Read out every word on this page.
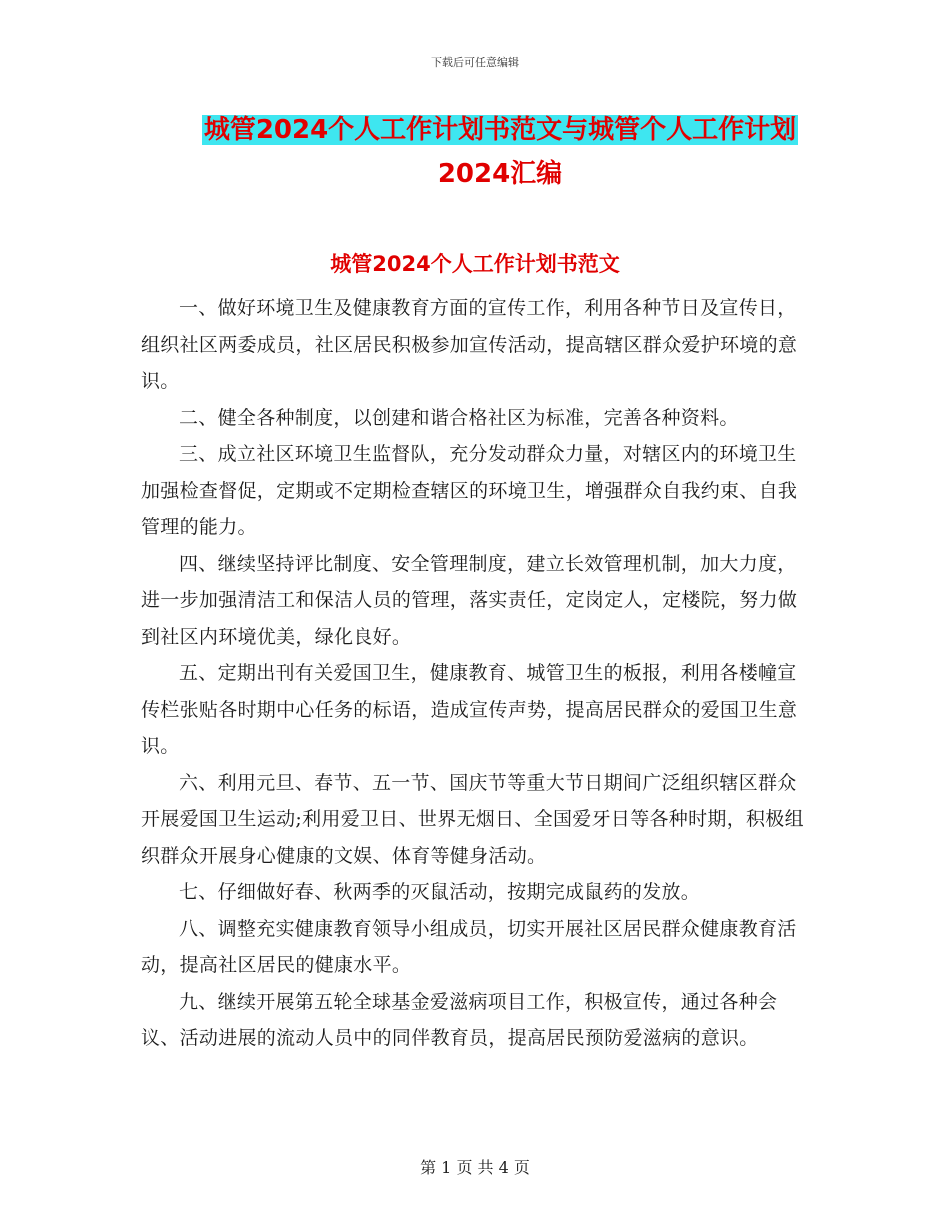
下载后可任意编辑
城管2024个人工作计划书范文与城管个人工作计划
2024汇编
城管2024个人工作计划书范文

一、做好环境卫生及健康教育方面的宣传工作，利用各种节日及宣传日，组织社区两委成员，社区居民积极参加宣传活动，提高辖区群众爱护环境的意识。

二、健全各种制度，以创建和谐合格社区为标准，完善各种资料。

三、成立社区环境卫生监督队，充分发动群众力量，对辖区内的环境卫生加强检查督促，定期或不定期检查辖区的环境卫生，增强群众自我约束、自我管理的能力。

四、继续坚持评比制度、安全管理制度，建立长效管理机制，加大力度，进一步加强清洁工和保洁人员的管理，落实责任，定岗定人，定楼院，努力做到社区内环境优美，绿化良好。

五、定期出刊有关爱国卫生，健康教育、城管卫生的板报，利用各楼幢宣传栏张贴各时期中心任务的标语，造成宣传声势，提高居民群众的爱国卫生意识。

六、利用元旦、春节、五一节、国庆节等重大节日期间广泛组织辖区群众开展爱国卫生运动;利用爱卫日、世界无烟日、全国爱牙日等各种时期，积极组织群众开展身心健康的文娱、体育等健身活动。

七、仔细做好春、秋两季的灭鼠活动，按期完成鼠药的发放。

八、调整充实健康教育领导小组成员，切实开展社区居民群众健康教育活动，提高社区居民的健康水平。

九、继续开展第五轮全球基金爱滋病项目工作，积极宣传，通过各种会议、活动进展的流动人员中的同伴教育员，提高居民预防爱滋病的意识。

第 1 页 共 4 页
